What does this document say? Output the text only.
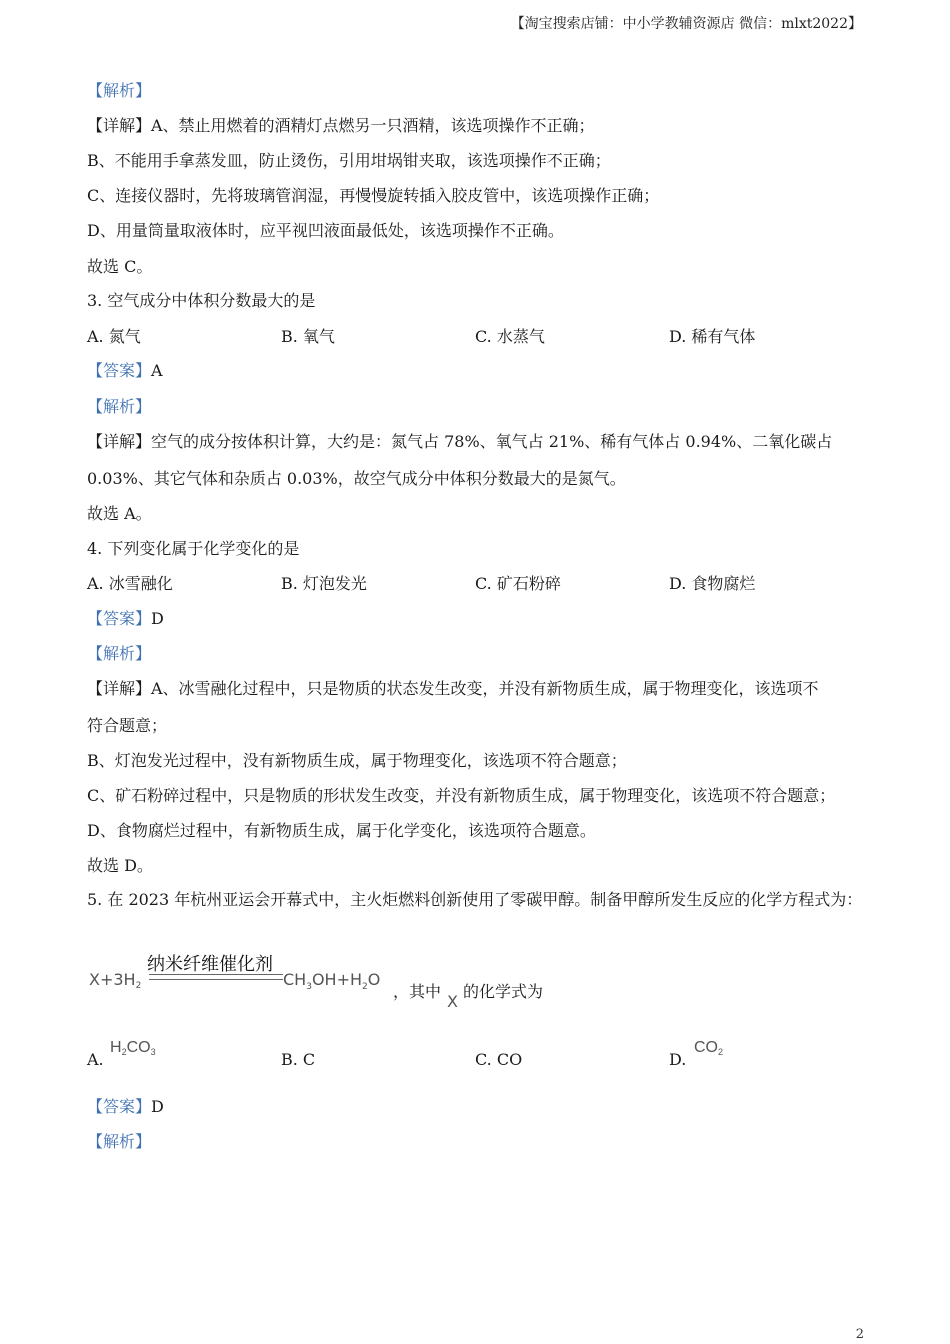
【淘宝搜索店铺：中小学教辅资源店 微信：mlxt2022】
【解析】
【详解】A、禁止用燃着的酒精灯点燃另一只酒精，该选项操作不正确；
B、不能用手拿蒸发皿，防止烫伤，引用坩埚钳夹取，该选项操作不正确；
C、连接仪器时，先将玻璃管润湿，再慢慢旋转插入胶皮管中，该选项操作正确；
D、用量筒量取液体时，应平视凹液面最低处，该选项操作不正确。
故选 C。
3. 空气成分中体积分数最大的是
A. 氮气	B. 氧气	C. 水蒸气	D. 稀有气体
【答案】A
【解析】
【详解】空气的成分按体积计算，大约是：氮气占 78%、氧气占 21%、稀有气体占 0.94%、二氧化碳占
0.03%、其它气体和杂质占 0.03%，故空气成分中体积分数最大的是氮气。
故选 A。
4. 下列变化属于化学变化的是
A. 冰雪融化	B. 灯泡发光	C. 矿石粉碎	D. 食物腐烂
【答案】D
【解析】
【详解】A、冰雪融化过程中，只是物质的状态发生改变，并没有新物质生成，属于物理变化，该选项不
符合题意；
B、灯泡发光过程中，没有新物质生成，属于物理变化，该选项不符合题意；
C、矿石粉碎过程中，只是物质的形状发生改变，并没有新物质生成，属于物理变化，该选项不符合题意；
D、食物腐烂过程中，有新物质生成，属于化学变化，该选项符合题意。
故选 D。
5. 在 2023 年杭州亚运会开幕式中，主火炬燃料创新使用了零碳甲醇。制备甲醇所发生反应的化学方程式为：
$X+3H_2$
纳米纤维催化剂
$CH_3OH+H_2O$
，其中
X
的化学式为
A.
$H_2CO_3$	B. C	C. CO	D.
$CO_2$
【答案】D
【解析】
2
